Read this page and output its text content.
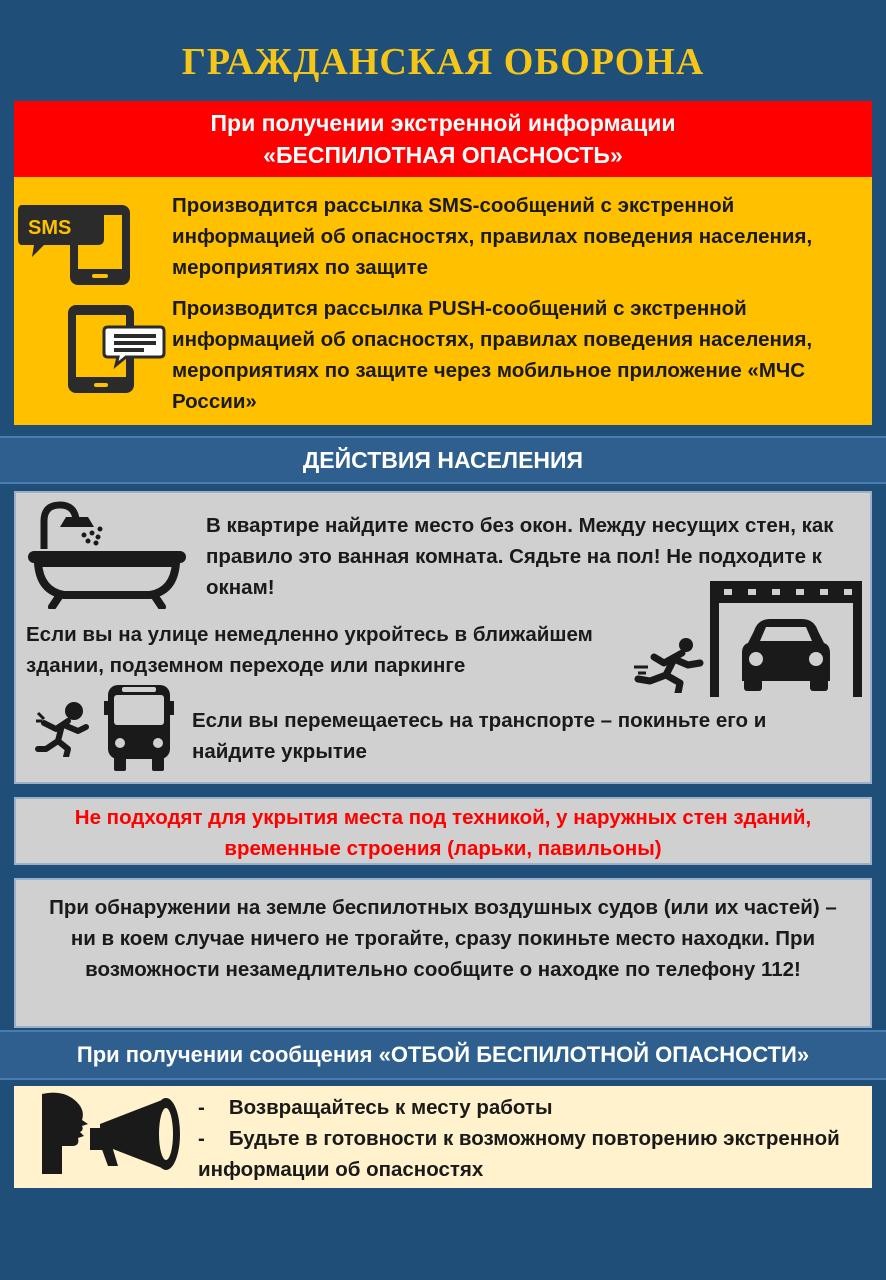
ГРАЖДАНСКАЯ ОБОРОНА
При получении экстренной информации
«БЕСПИЛОТНАЯ ОПАСНОСТЬ»
SMS
Производится рассылка SMS-сообщений с экстренной информацией об опасностях, правилах поведения населения, мероприятиях по защите
Производится рассылка PUSH-сообщений с экстренной информацией об опасностях, правилах поведения населения, мероприятиях по защите через мобильное приложение «МЧС России»
ДЕЙСТВИЯ НАСЕЛЕНИЯ
В квартире найдите место без окон. Между несущих стен, как правило это ванная комната. Сядьте на пол! Не подходите к окнам!
Если вы на улице немедленно укройтесь в ближайшем здании, подземном переходе или паркинге
Если вы перемещаетесь на транспорте – покиньте его и найдите укрытие
Не подходят для укрытия места под техникой, у наружных стен зданий,
временные строения (ларьки, павильоны)
При обнаружении на земле беспилотных воздушных судов (или их частей) – ни в коем случае ничего не трогайте, сразу покиньте место находки. При возможности незамедлительно сообщите о находке по телефону 112!
При получении сообщения «ОТБОЙ БЕСПИЛОТНОЙ ОПАСНОСТИ»
- Возвращайтесь к месту работы
- Будьте в готовности к возможному повторению экстренной информации об опасностях
